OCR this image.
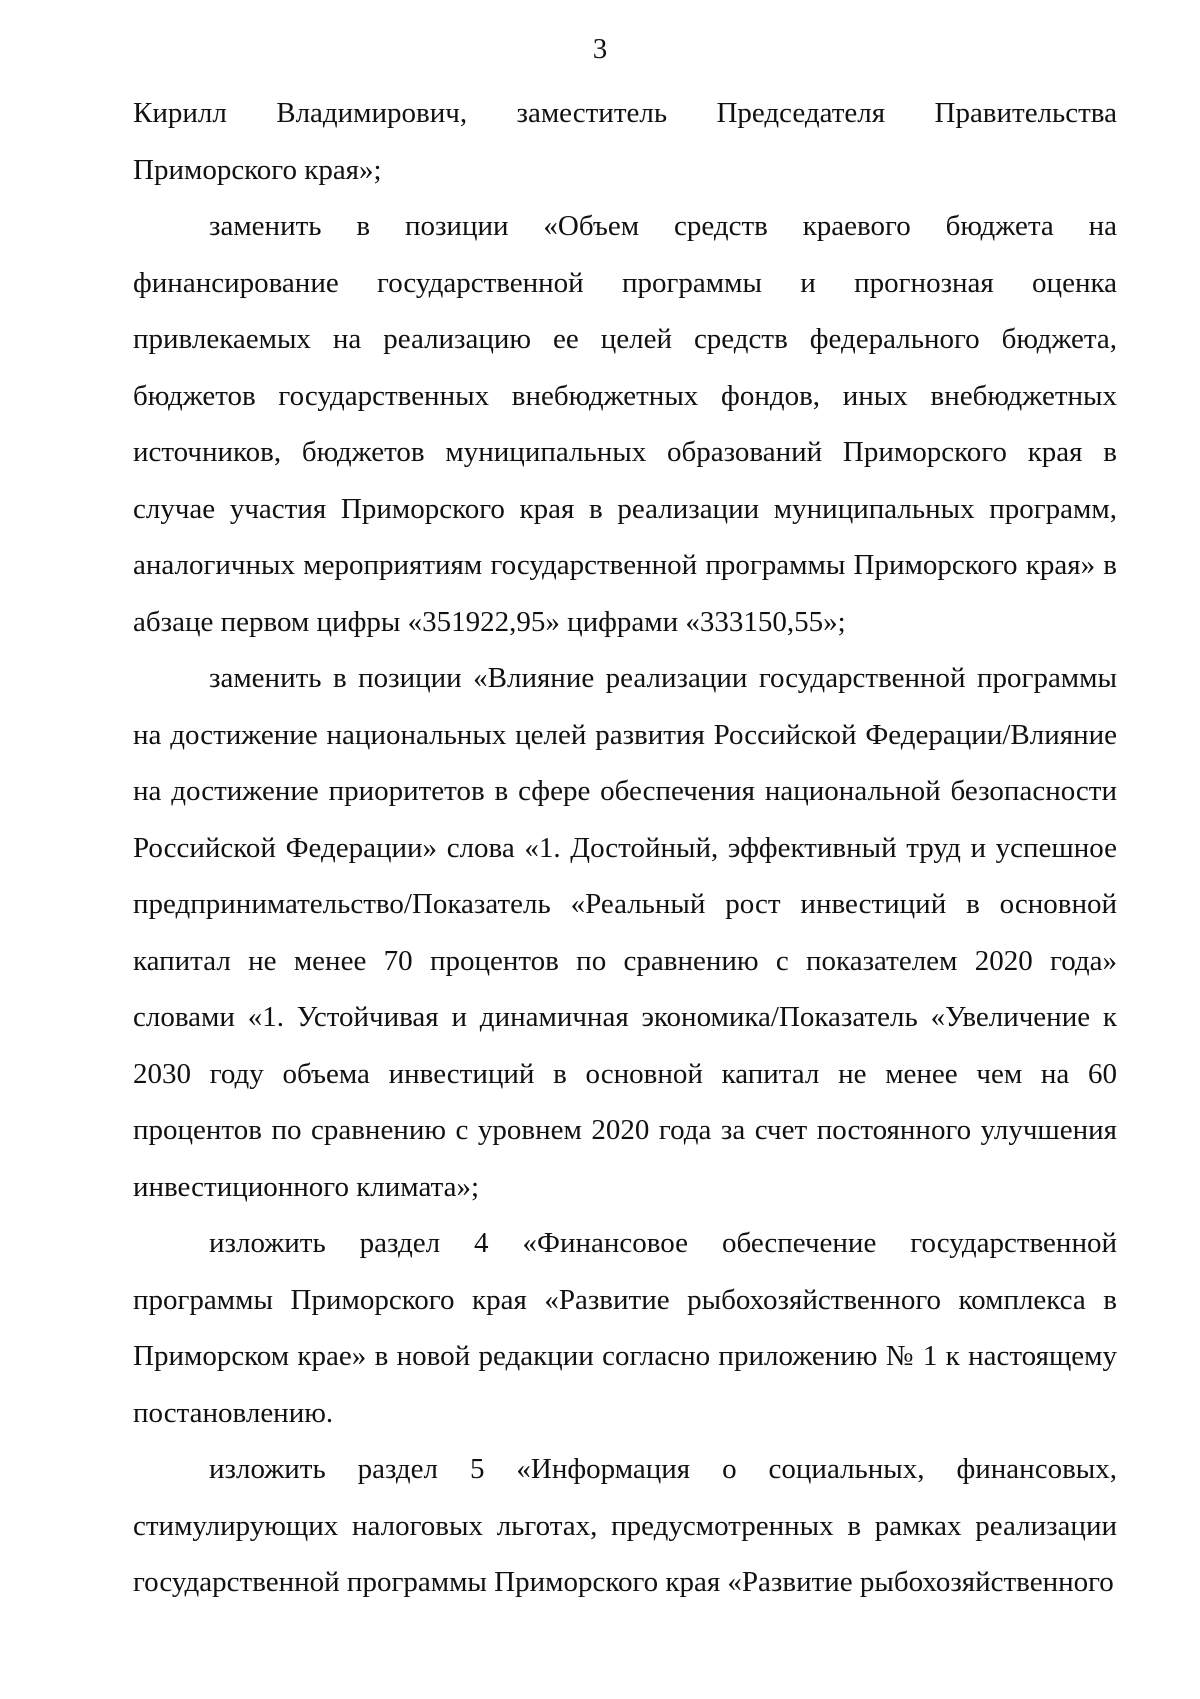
3

Кирилл Владимирович, заместитель Председателя Правительства Приморского края»;

заменить в позиции «Объем средств краевого бюджета на финансирование государственной программы и прогнозная оценка привлекаемых на реализацию ее целей средств федерального бюджета, бюджетов государственных внебюджетных фондов, иных внебюджетных источников, бюджетов муниципальных образований Приморского края в случае участия Приморского края в реализации муниципальных программ, аналогичных мероприятиям государственной программы Приморского края» в абзаце первом цифры «351922,95» цифрами «333150,55»;

заменить в позиции «Влияние реализации государственной программы на достижение национальных целей развития Российской Федерации/Влияние на достижение приоритетов в сфере обеспечения национальной безопасности Российской Федерации» слова «1. Достойный, эффективный труд и успешное предпринимательство/Показатель «Реальный рост инвестиций в основной капитал не менее 70 процентов по сравнению с показателем 2020 года» словами «1. Устойчивая и динамичная экономика/Показатель «Увеличение к 2030 году объема инвестиций в основной капитал не менее чем на 60 процентов по сравнению с уровнем 2020 года за счет постоянного улучшения инвестиционного климата»;

изложить раздел 4 «Финансовое обеспечение государственной программы Приморского края «Развитие рыбохозяйственного комплекса в Приморском крае» в новой редакции согласно приложению № 1 к настоящему постановлению.

изложить раздел 5 «Информация о социальных, финансовых, стимулирующих налоговых льготах, предусмотренных в рамках реализации государственной программы Приморского края «Развитие рыбохозяйственного
